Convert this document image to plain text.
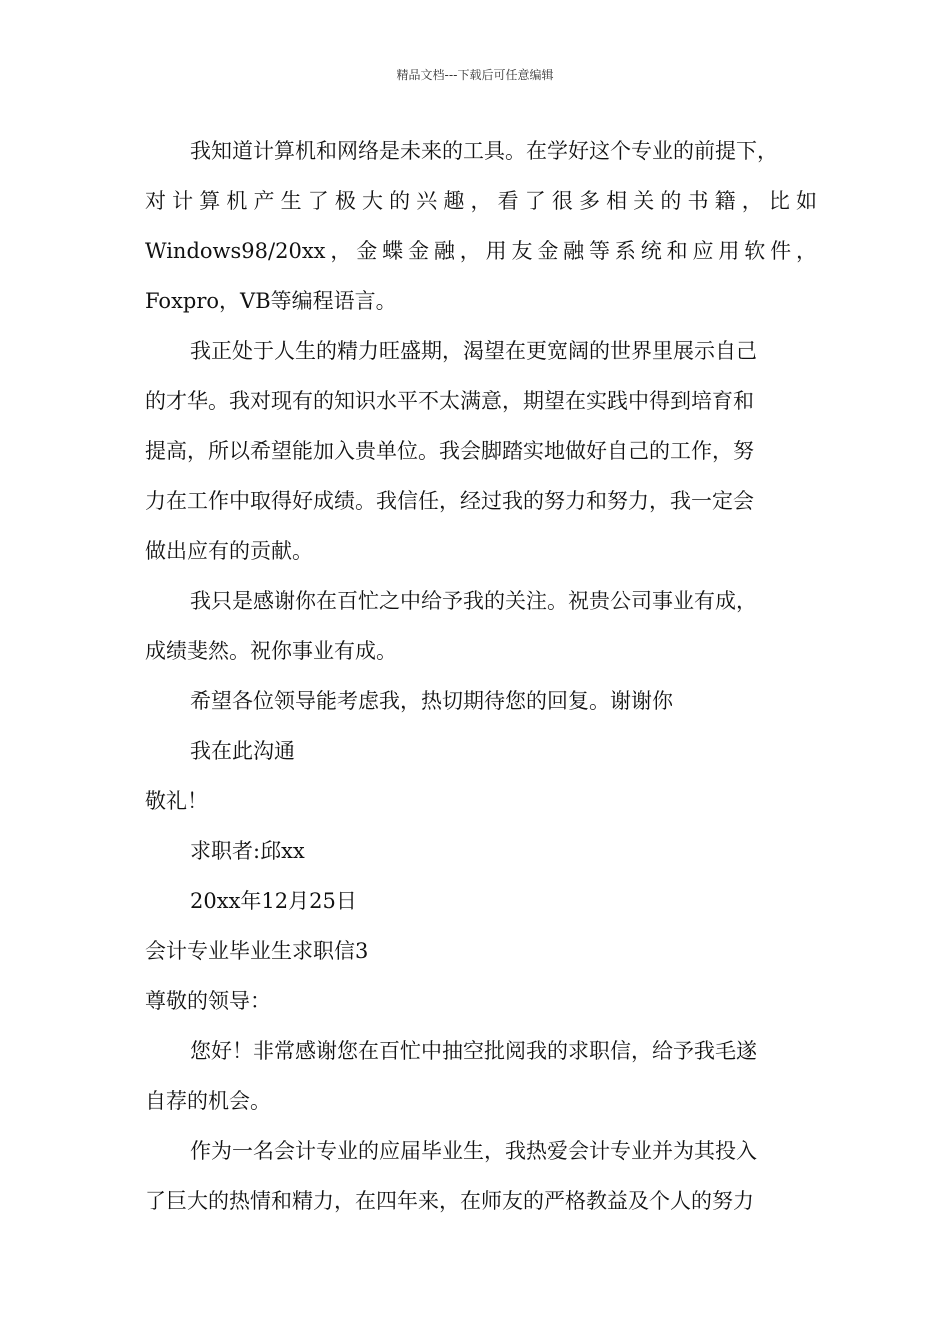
精品文档---下载后可任意编辑
我知道计算机和网络是未来的工具。在学好这个专业的前提下，
对计算机产生了极大的兴趣，看了很多相关的书籍，比如
Windows98/20xx，金蝶金融，用友金融等系统和应用软件，
Foxpro，VB等编程语言。
我正处于人生的精力旺盛期，渴望在更宽阔的世界里展示自己
的才华。我对现有的知识水平不太满意，期望在实践中得到培育和
提高，所以希望能加入贵单位。我会脚踏实地做好自己的工作，努
力在工作中取得好成绩。我信任，经过我的努力和努力，我一定会
做出应有的贡献。
我只是感谢你在百忙之中给予我的关注。祝贵公司事业有成，
成绩斐然。祝你事业有成。
希望各位领导能考虑我，热切期待您的回复。谢谢你
我在此沟通
敬礼！
求职者:邱xx
20xx年12月25日
会计专业毕业生求职信3
尊敬的领导：
您好！非常感谢您在百忙中抽空批阅我的求职信，给予我毛遂
自荐的机会。
作为一名会计专业的应届毕业生，我热爱会计专业并为其投入
了巨大的热情和精力，在四年来，在师友的严格教益及个人的努力
